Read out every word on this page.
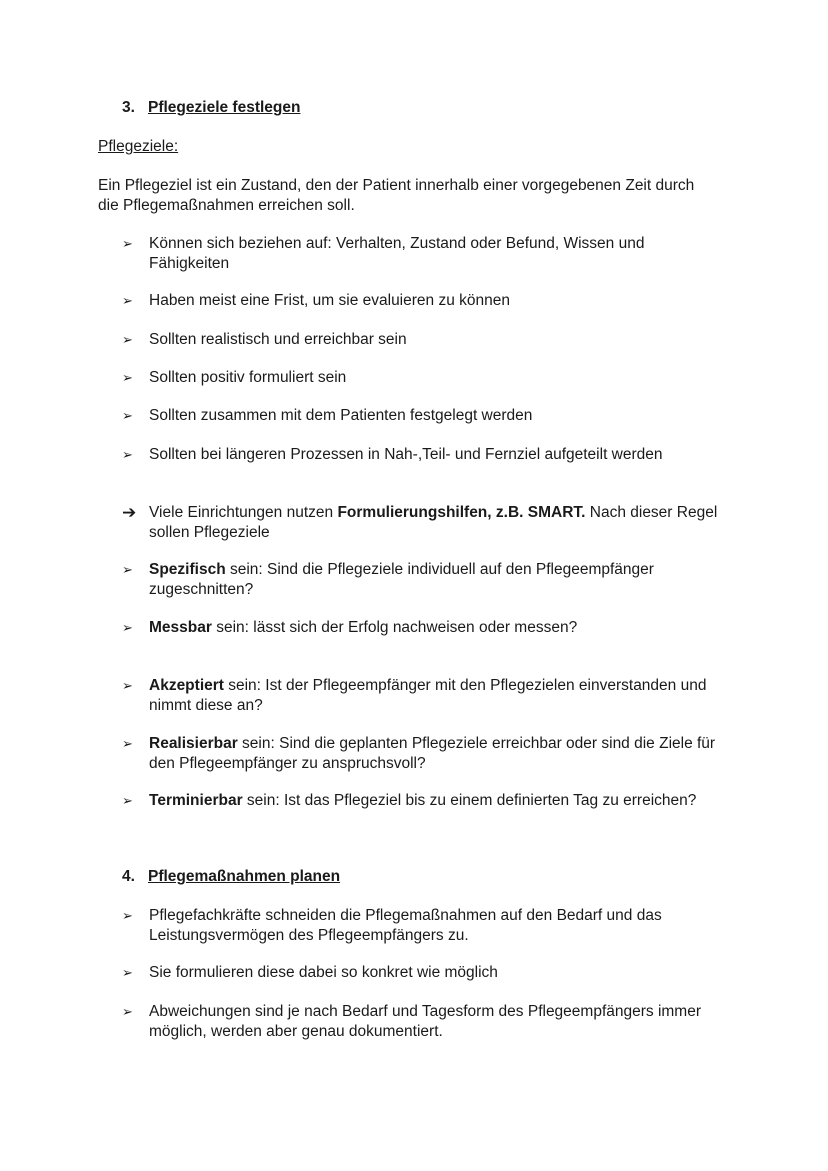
3. Pflegeziele festlegen
Pflegeziele:
Ein Pflegeziel ist ein Zustand, den der Patient innerhalb einer vorgegebenen Zeit durch die Pflegemaßnahmen erreichen soll.
➢	Können sich beziehen auf: Verhalten, Zustand oder Befund, Wissen und Fähigkeiten
➢	Haben meist eine Frist, um sie evaluieren zu können
➢	Sollten realistisch und erreichbar sein
➢	Sollten positiv formuliert sein
➢	Sollten zusammen mit dem Patienten festgelegt werden
➢	Sollten bei längeren Prozessen in Nah-,Teil- und Fernziel aufgeteilt werden
➔ Viele Einrichtungen nutzen Formulierungshilfen, z.B. SMART. Nach dieser Regel sollen Pflegeziele
➢	Spezifisch sein: Sind die Pflegeziele individuell auf den Pflegeempfänger zugeschnitten?
➢	Messbar sein: lässt sich der Erfolg nachweisen oder messen?
➢	Akzeptiert sein: Ist der Pflegeempfänger mit den Pflegezielen einverstanden und nimmt diese an?
➢	Realisierbar sein: Sind die geplanten Pflegeziele erreichbar oder sind die Ziele für den Pflegeempfänger zu anspruchsvoll?
➢	Terminierbar sein: Ist das Pflegeziel bis zu einem definierten Tag zu erreichen?
4. Pflegemaßnahmen planen
➢	Pflegefachkräfte schneiden die Pflegemaßnahmen auf den Bedarf und das Leistungsvermögen des Pflegeempfängers zu.
➢	Sie formulieren diese dabei so konkret wie möglich
➢	Abweichungen sind je nach Bedarf und Tagesform des Pflegeempfängers immer möglich, werden aber genau dokumentiert.
